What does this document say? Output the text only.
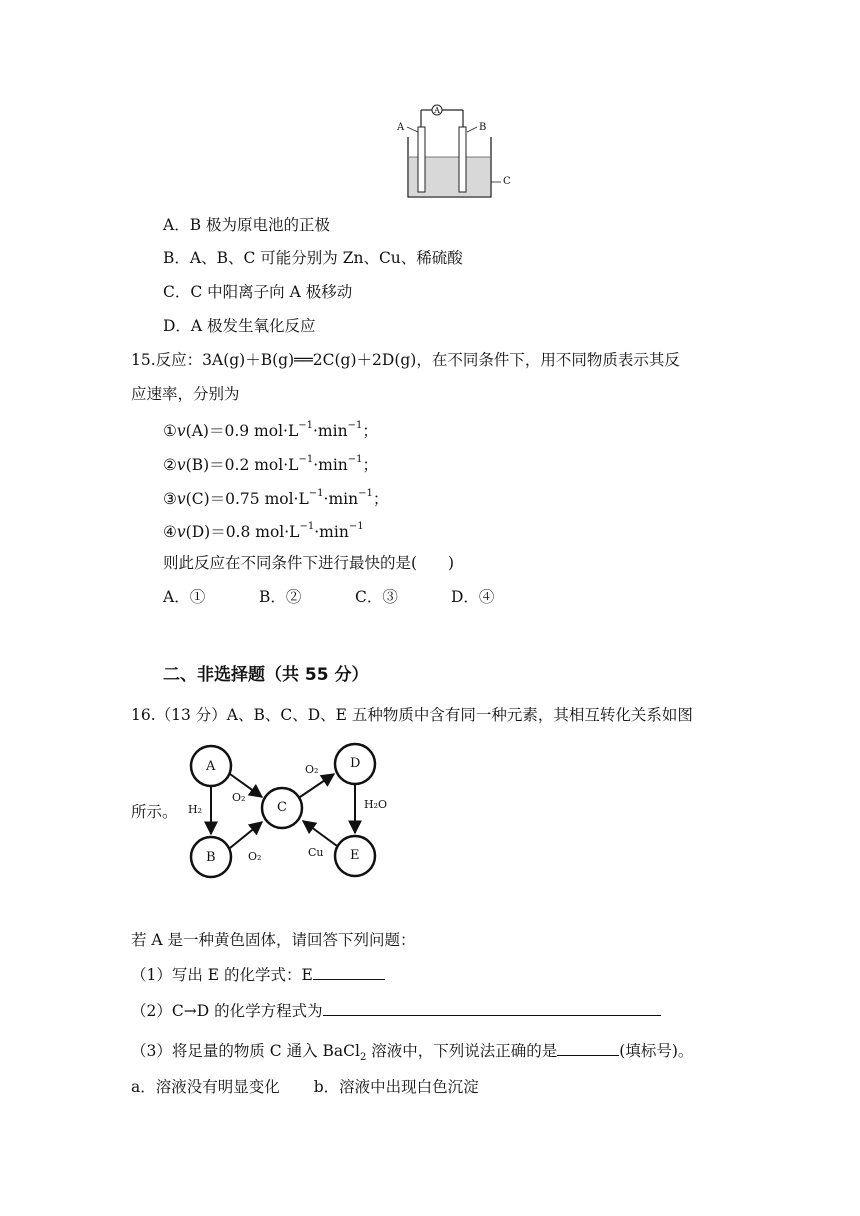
A
A	B
C
A．B 极为原电池的正极
B．A、B、C 可能分别为 Zn、Cu、稀硫酸
C．C 中阳离子向 A 极移动
D．A 极发生氧化反应
15.反应：3A(g)＋B(g)══2C(g)＋2D(g)，在不同条件下，用不同物质表示其反
应速率，分别为
①v(A)＝0.9 $mol\cdot L^{-1}\cdot\min^{-1}$；
②v(B)＝0.2 $mol\cdot L^{-1}\cdot\min^{-1}$；
③v(C)＝0.75 $mol\cdot L^{-1}\cdot\min^{-1}$；
④v(D)＝0.8 $mol\cdot L^{-1}\cdot\min^{-1}$
则此反应在不同条件下进行最快的是(　　)
A．①	B．②	C．③	D．④
二、非选择题（共 55 分）
16.（13 分）A、B、C、D、E 五种物质中含有同一种元素，其相互转化关系如图
A
B
C
D
E
H₂
O₂
O₂
O₂
H₂O
Cu
所示。
若 A 是一种黄色固体，请回答下列问题：
（1）写出 E 的化学式：E
（2）C→D 的化学方程式为
（3）将足量的物质 C 通入 BaCl$_2$ 溶液中，下列说法正确的是	(填标号)。
a．溶液没有明显变化 b．溶液中出现白色沉淀
